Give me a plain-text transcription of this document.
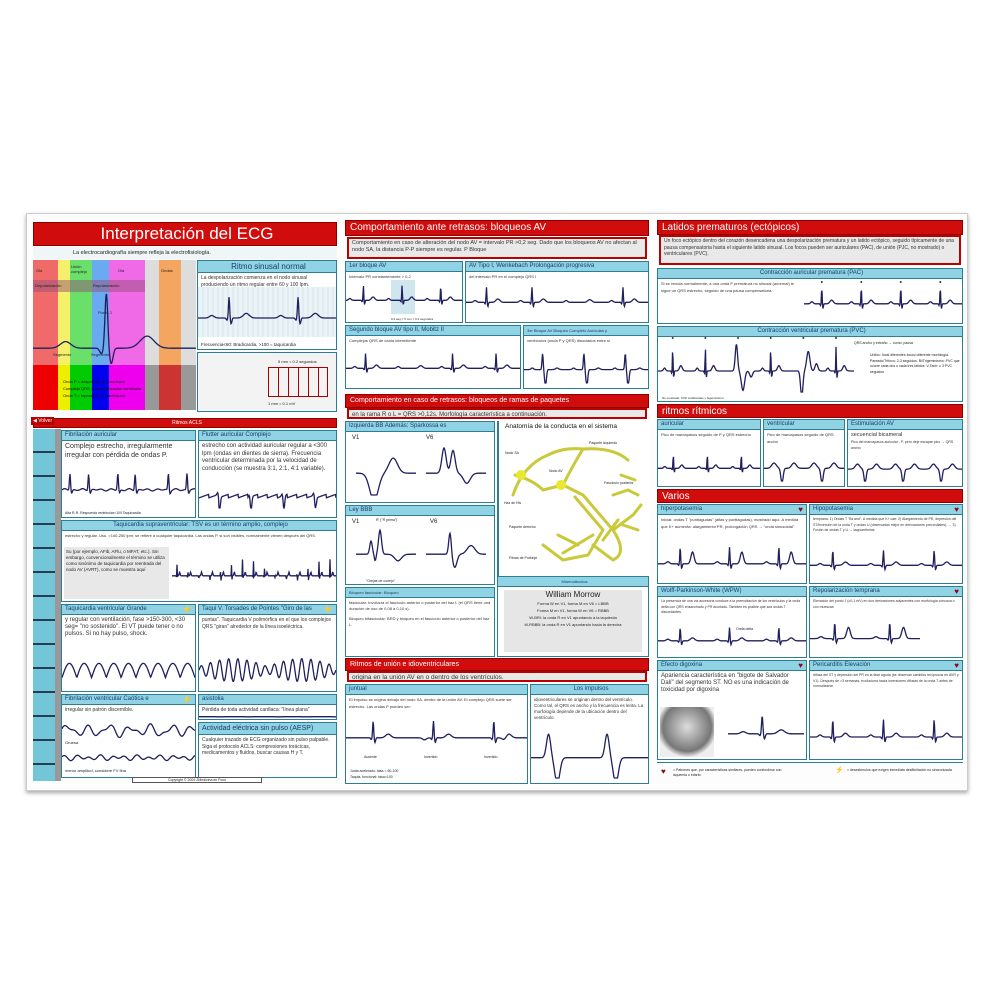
Interpretación del ECG
La electrocardiografía siempre refleja la electrofisiología.
Ola
Unión complejo	Ola	Ondas
Depolarización	Repolarización
Punto J
Segmento	Segmento
Onda P = despolarización auricular
Complejo QRS = despolarización ventricular
Onda T = repolarización ventricular
Ritmo sinusal normal
La despolarización comienza en el nodo sinusal produciendo un ritmo regular entre 60 y 100 lpm.
Frecuencia<60: Bradicardia, >100 = taquicardia
5 mm = 0.2 segundos
1 mm = 0.1 mV
Ritmos ACLS
◀ Volver
Fibrilación auricular
Complejo estrecho, irregularmente irregular con pérdida de ondas P.
Alta R-R. Respuesta ventricular>100 Taquicardia
Flutter auricular Complejo
estrecho con actividad auricular regular a <300 lpm (ondas en dientes de sierra). Frecuencia ventricular determinada por la velocidad de conducción (se muestra 3:1, 2:1, 4:1 variable).
Taquicardia supraventricular: TSV es un término amplio, complejo
estrecho y regular. Usu. >140-250 lpm; se refiere a cualquier taquicardia. Las ondas P, si son visibles, normalmente vienen después del QRS.
Su (por ejemplo, AFib, AFlu, o MFAT, etc.). Sin embargo, convencionalmente el término se utiliza como sinónimo de taquicardia por reentrada del nodo AV (AVRT), como se muestra aquí
Taquicardia ventricular Grande	⚡
y regular con ventilación, fase >150-300, <30 seg= "no sostenido". El VT puede tener o no pulsos. Si no hay pulso, shock.
Taqui V. Torsades de Pointes "Giro de las	⚡
puntas". Taquicardia V polimórfica en el que los complejos QRS "giran" alrededor de la línea isoeléctrica.
Fibrilación ventricular Caótica e	⚡
irregular sin patrón discernible.
Gruesa
menor amplitud, considere FV fina
asistolia
Pérdida de toda actividad cardiaca: "línea plana"
Actividad eléctrica sin pulso (AESP)
Cualquier trazado de ECG organizado sin pulso palpable. Siga el protocolo ACLS: compresiones torácicas, medicamentos y fluidos, buscar causas H y T.
Copyright © 2009 ZMedicina en Foco
Comportamiento ante retrasos: bloqueos AV
Comportamiento en caso de alteración del nodo AV = intervalo PR >0,2 seg. Dado que los bloqueos AV no afectan al nodo SA, la distancia P-P siempre es regular. P Bloque
1er bloque AV
Intervalo PR constantemente > 0,2
0,2 seg = 5 mm = 0,2 segundos
AV Tipo I, Wenkebach Prolongación progresiva
del intervalo PR en el complejo QRS I
Segundo bloque AV tipo II, Mobitz II
Complejos QRS de caída intermitente
3er Bloque AV Bloqueo Completo Aurículas y
ventrículos (onda P y QRS) disociados entre sí
Comportamiento en caso de retrasos: bloqueos de ramas de paquetes
en la rama R o L = QRS >0,12s. Morfología característica a continuación.
Izquierda BB Además: Sparkossa es
V1	V6
Ley BBB
V1	R' ("R prima")	V6
"Orejas de conejo"
Bloqueo fascicular: Bloqueo
fascicular: Involucra el fascículo anterior o posterior del haz L (el QRS tiene una duración de uso de 0,08 a 0,10 s).
Bloqueo bifascicular: BRD y bloqueo en el fascículo anterior o posterior del haz L.
Anatomía de la conducta en el sistema
Nodo SA
Nodo AV
Haz de His
Paquete izquierdo
Fascículo posterior
Paquete derecho
Fibras de Purkinje
Mnemotécnica
William Morrow
Forma W en V1, forma M en V6 = LBBB
Forma M en V1, forma W en V6 = RBBB
W-BRI: la onda R en V1 apuntando a la izquierda
M-RBBB: la onda R en V1 apuntando hacia la derecha
Ritmos de unión e idioventriculares
origina en la unión AV en o dentro de los ventrículos.
juntual
El impulso se origina debajo del nodo SA, dentro de la unión AV. El complejo QRS suele ser estrecho. Las ondas P pueden ser:
Ausente	Invertido	Invertido
Junta acelerado: tasa = 60-100
Taquia. funcional: tasa>100
Los impulsos
idioventriculares se originan dentro del ventrículo. Como tal, el QRS es ancho y la frecuencia es lenta. La morfología depende de la ubicación dentro del ventrículo.
Latidos prematuros (ectópicos)
Un foco ectópico dentro del corazón desencadena una despolarización prematura y un latido ectópico, seguido típicamente de una pausa compensatoria hasta el siguiente latido sinusal. Los focos pueden ser auriculares (PAC), de unión (PJC, no mostrado) o ventriculares (PVC).
Contracción auricular prematura (PAC)
Si se recicla normalmente, a una onda P prematura no sinusal (anormal) le sigue un QRS estrecho, seguido de una pausa compensatoria.
Contracción ventricular prematura (PVC)
QRS ancho y extraño → como: pausa
Unifoc: focal diferentes focos=diferente morfología. Pareado/Trifoco: 2-3 seguidos. Bi/Trigeminismo: PVC que ocurre cada dos o cada tres latidos. V-Tach: ≥ 3 PVC seguidos
No mostrado: CVP multifocales y bigeminismo
ritmos rítmicos
auricular
Pico de marcapasos seguido de P y QRS estrecho
ventricular
Pico de marcapasos seguido de QRS ancho
Estimulación AV
secuencial bicameral
Pico del marcapasos auricular - P, pero deje escapar pico → QRS ancho
Varios
hiperpotasemia	♥
Inicial: ondas T "puntiagudas" (altas y puntiagudas), mostrado aquí. A medida que K+ aumenta: alargamiento PR, prolongación QRS → "onda sinusoidal"
Hipopotasemia	♥
temprana: 1) Ondas T "fla and". A medida que K+ cae: 2) Alargamiento de PR, depresión del ST/inversión de la onda T y ondas U (observadas mejor en derivaciones precordiales). → 3) Fusión de ondas T y U → taquiarritmias
Wolff-Parkinson-White (WPW)
La presencia de una vía accesoria conduce a la preexcitación de los ventrículos y la onda delta con QRS ensanchado y PR acortado. También es posible que sea ondas T discordantes.
Onda delta
Repolarización temprana	♥
Elevación del punto J (≥0,1 mV) en dos derivaciones adyacentes con morfología cóncava o con muescas
Efecto digoxina	♥
Apariencia característica en "bigote de Salvador Dalí" del segmento ST. NO es una indicación de toxicidad por digoxina
Pericarditis Elevación	♥
difusa del ST y depresión del PR en la fase aguda (se observan cambios recíprocos en AVR y V1). Después de >3 semanas, evoluciona hacia inversiones difusas de la onda T antes de normalizarse
♥ = Patrones que, por características similares, pueden confundirse con isquemia o infarto.
⚡ = desestímulos que exigen inmediata desfibrilación no sincronizada
